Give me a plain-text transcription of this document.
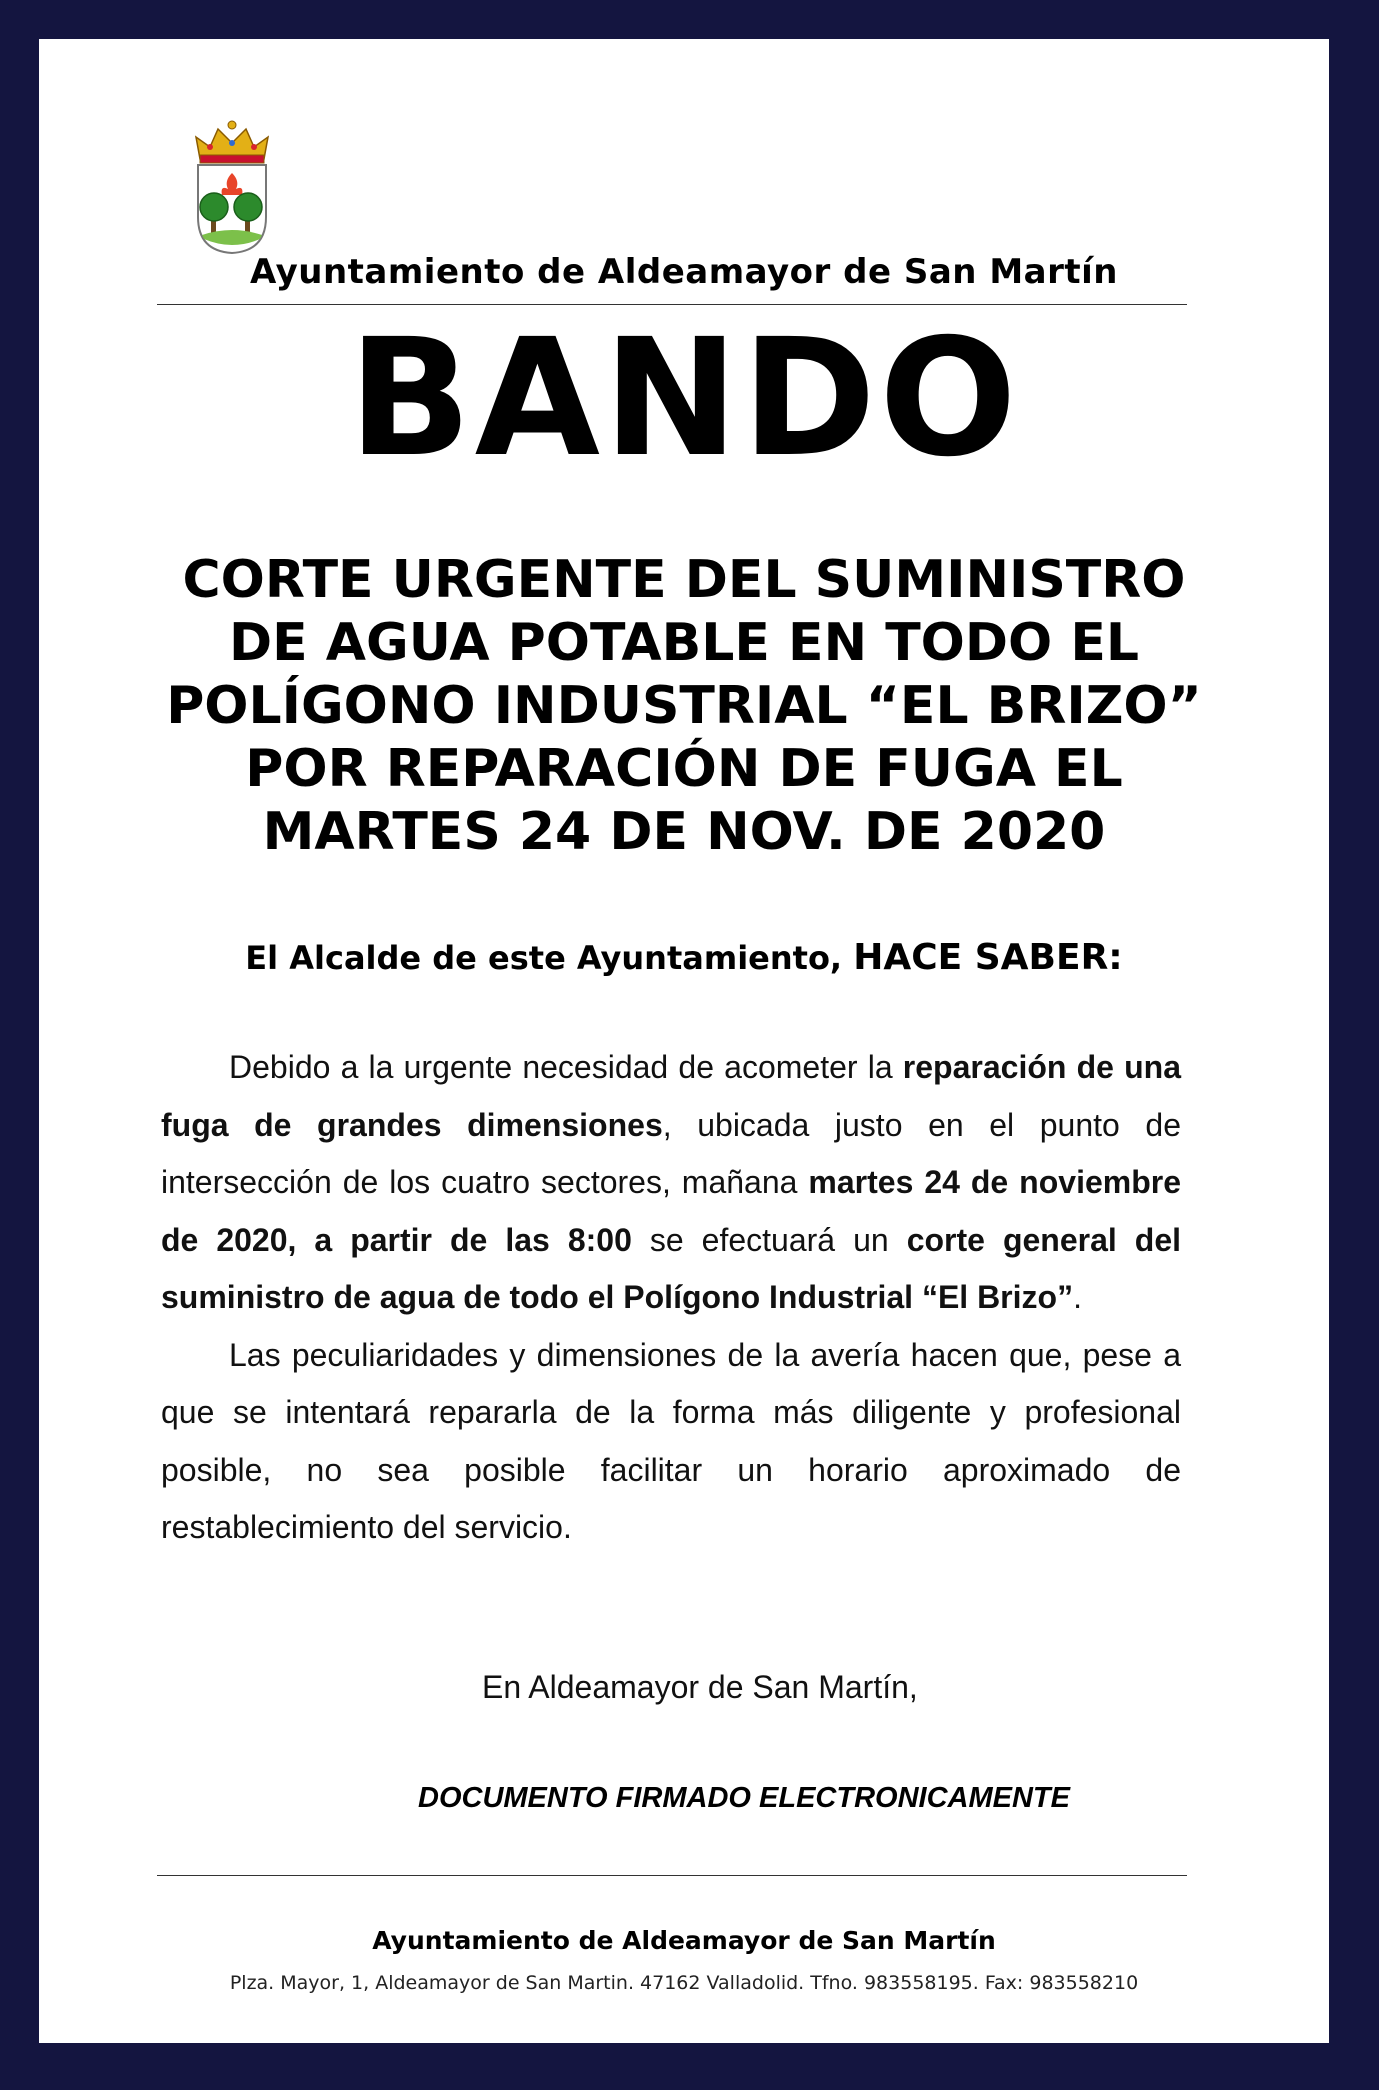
Ayuntamiento de Aldeamayor de San Martín
BANDO
CORTE URGENTE DEL SUMINISTRO
DE AGUA POTABLE EN TODO EL
POLÍGONO INDUSTRIAL “EL BRIZO”
POR REPARACIÓN DE FUGA EL
MARTES 24 DE NOV. DE 2020
El Alcalde de este Ayuntamiento, HACE SABER:

Debido a la urgente necesidad de acometer la reparación de una fuga de grandes dimensiones, ubicada justo en el punto de intersección de los cuatro sectores, mañana martes 24 de noviembre de 2020, a partir de las 8:00 se efectuará un corte general del suministro de agua de todo el Polígono Industrial “El Brizo”.

Las peculiaridades y dimensiones de la avería hacen que, pese a que se intentará repararla de la forma más diligente y profesional posible, no sea posible facilitar un horario aproximado de restablecimiento del servicio.

En Aldeamayor de San Martín,
DOCUMENTO FIRMADO ELECTRONICAMENTE
Ayuntamiento de Aldeamayor de San Martín
Plza. Mayor, 1, Aldeamayor de San Martin. 47162 Valladolid. Tfno. 983558195. Fax: 983558210
